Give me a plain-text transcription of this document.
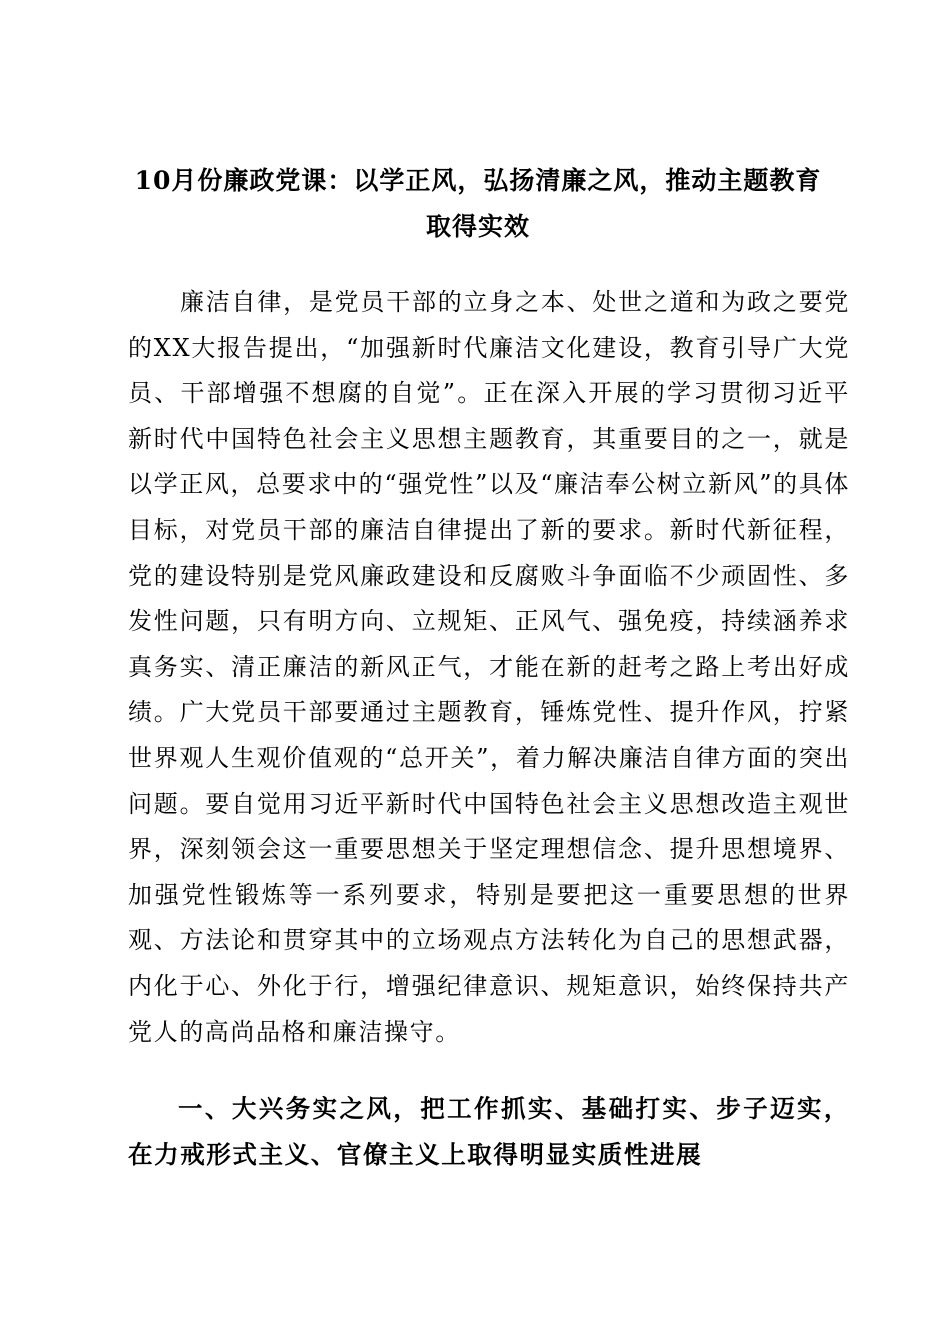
10月份廉政党课：以学正风，弘扬清廉之风，推动主题教育取得实效

廉洁自律，是党员干部的立身之本、处世之道和为政之要党的XX大报告提出，“加强新时代廉洁文化建设，教育引导广大党员、干部增强不想腐的自觉”。正在深入开展的学习贯彻习近平新时代中国特色社会主义思想主题教育，其重要目的之一，就是以学正风，总要求中的“强党性”以及“廉洁奉公树立新风”的具体目标，对党员干部的廉洁自律提出了新的要求。新时代新征程，党的建设特别是党风廉政建设和反腐败斗争面临不少顽固性、多发性问题，只有明方向、立规矩、正风气、强免疫，持续涵养求真务实、清正廉洁的新风正气，才能在新的赶考之路上考出好成绩。广大党员干部要通过主题教育，锤炼党性、提升作风，拧紧世界观人生观价值观的“总开关”，着力解决廉洁自律方面的突出问题。要自觉用习近平新时代中国特色社会主义思想改造主观世界，深刻领会这一重要思想关于坚定理想信念、提升思想境界、加强党性锻炼等一系列要求，特别是要把这一重要思想的世界观、方法论和贯穿其中的立场观点方法转化为自己的思想武器，内化于心、外化于行，增强纪律意识、规矩意识，始终保持共产党人的高尚品格和廉洁操守。

一、大兴务实之风，把工作抓实、基础打实、步子迈实，在力戒形式主义、官僚主义上取得明显实质性进展
